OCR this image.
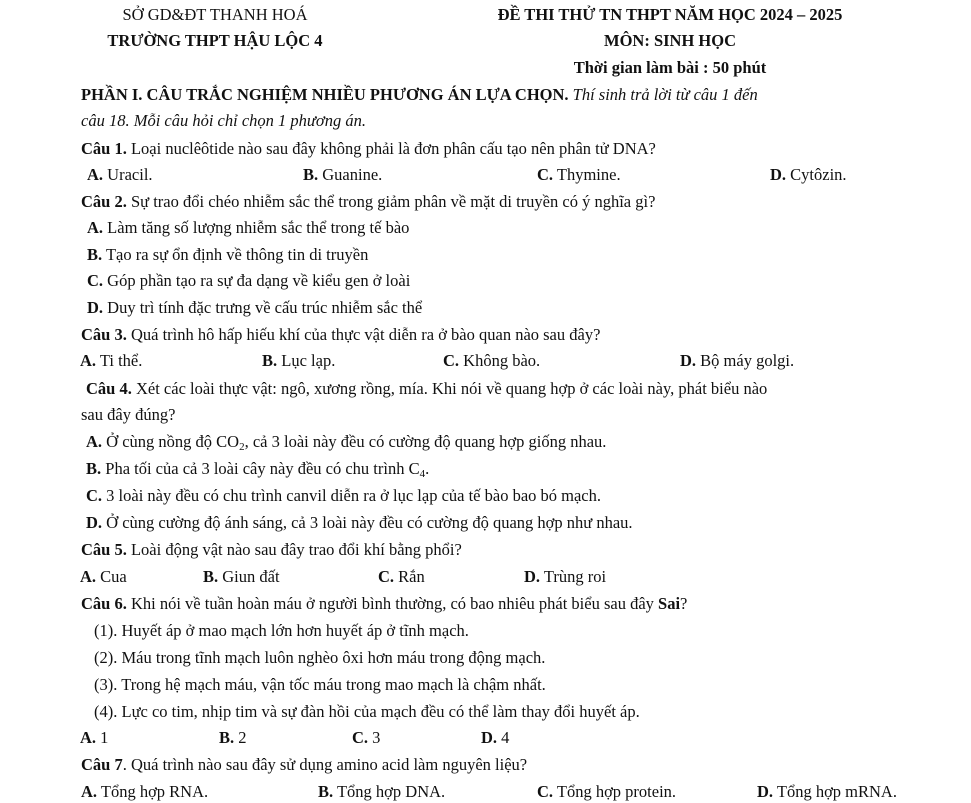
SỞ GD&ĐT THANH HOÁ
TRƯỜNG THPT HẬU LỘC 4
ĐỀ THI THỬ TN THPT NĂM HỌC 2024 – 2025
MÔN: SINH HỌC
Thời gian làm bài : 50 phút
PHẦN I. CÂU TRẮC NGHIỆM NHIỀU PHƯƠNG ÁN LỰA CHỌN. Thí sinh trả lời từ câu 1 đến
câu 18. Mỗi câu hỏi chỉ chọn 1 phương án.
Câu 1. Loại nuclêôtide nào sau đây không phải là đơn phân cấu tạo nên phân tử DNA?
A. Uracil.	B. Guanine.	C. Thymine.	D. Cytôzin.
Câu 2. Sự trao đổi chéo nhiễm sắc thể trong giảm phân về mặt di truyền có ý nghĩa gì?
A. Làm tăng số lượng nhiễm sắc thể trong tế bào
B. Tạo ra sự ổn định về thông tin di truyền
C. Góp phần tạo ra sự đa dạng về kiểu gen ở loài
D. Duy trì tính đặc trưng về cấu trúc nhiễm sắc thể
Câu 3. Quá trình hô hấp hiếu khí của thực vật diễn ra ở bào quan nào sau đây?
A. Ti thể.	B. Lục lạp.	C. Không bào.	D. Bộ máy golgi.
Câu 4. Xét các loài thực vật: ngô, xương rồng, mía. Khi nói về quang hợp ở các loài này, phát biểu nào
sau đây đúng?
A. Ở cùng nồng độ $CO_2$, cả 3 loài này đều có cường độ quang hợp giống nhau.
B. Pha tối của cả 3 loài cây này đều có chu trình $C_4$.
C. 3 loài này đều có chu trình canvil diễn ra ở lục lạp của tế bào bao bó mạch.
D. Ở cùng cường độ ánh sáng, cả 3 loài này đều có cường độ quang hợp như nhau.
Câu 5. Loài động vật nào sau đây trao đổi khí bằng phổi?
A. Cua	B. Giun đất	C. Rắn	D. Trùng roi
Câu 6. Khi nói về tuần hoàn máu ở người bình thường, có bao nhiêu phát biểu sau đây Sai?
(1). Huyết áp ở mao mạch lớn hơn huyết áp ở tĩnh mạch.
(2). Máu trong tĩnh mạch luôn nghèo ôxi hơn máu trong động mạch.
(3). Trong hệ mạch máu, vận tốc máu trong mao mạch là chậm nhất.
(4). Lực co tim, nhịp tim và sự đàn hồi của mạch đều có thể làm thay đổi huyết áp.
A. 1	B. 2	C. 3	D. 4
Câu 7. Quá trình nào sau đây sử dụng amino acid làm nguyên liệu?
A. Tổng hợp RNA.	B. Tổng hợp DNA.	C. Tổng hợp protein.	D. Tổng hợp mRNA.
